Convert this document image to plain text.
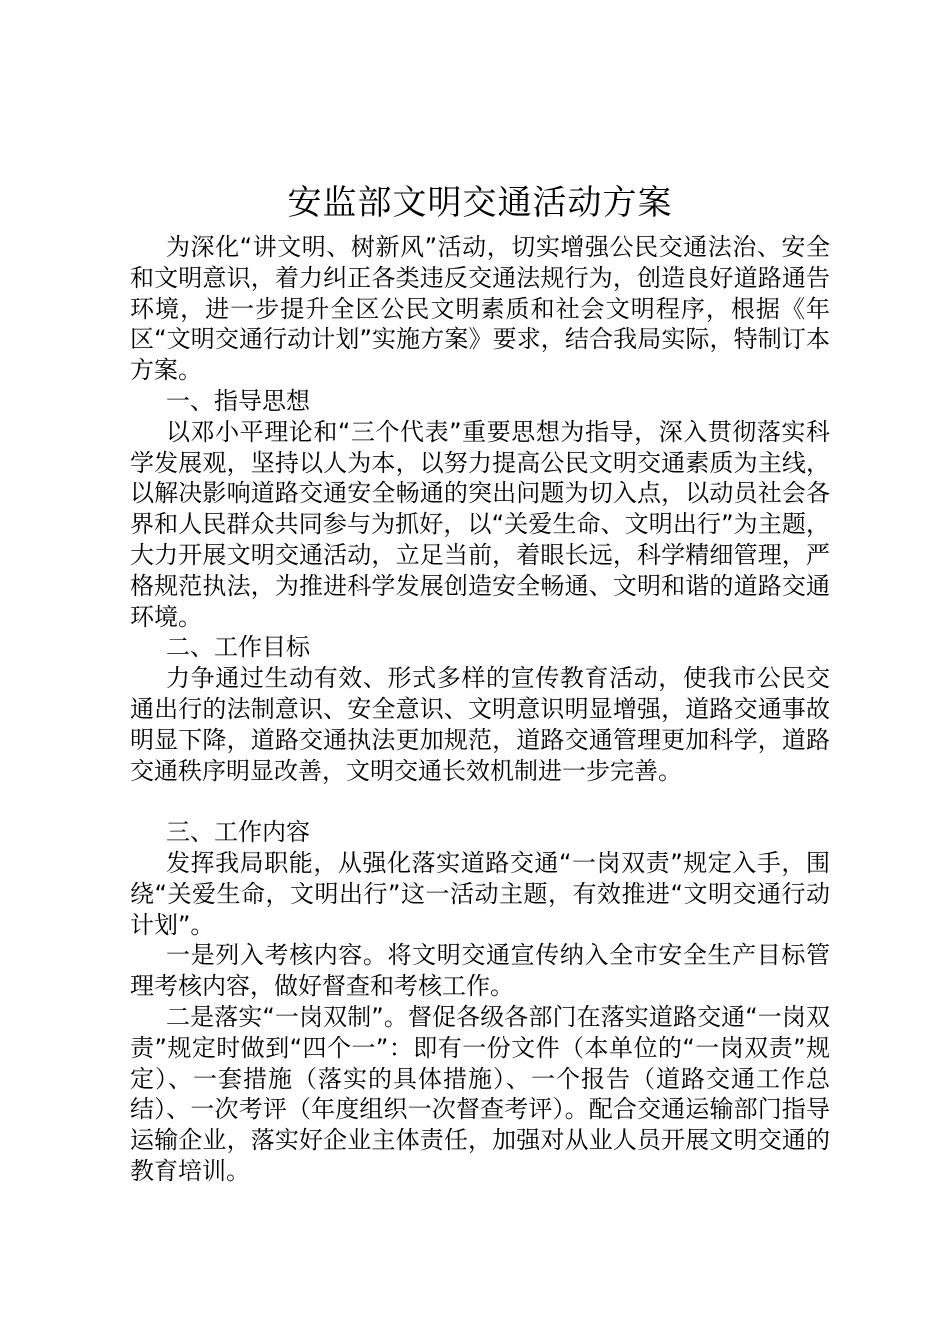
安监部文明交通活动方案

为深化“讲文明、树新风”活动，切实增强公民交通法治、安全和文明意识，着力纠正各类违反交通法规行为，创造良好道路通告环境，进一步提升全区公民文明素质和社会文明程序，根据《年区“文明交通行动计划”实施方案》要求，结合我局实际，特制订本方案。

一、指导思想

以邓小平理论和“三个代表”重要思想为指导，深入贯彻落实科学发展观，坚持以人为本，以努力提高公民文明交通素质为主线，以解决影响道路交通安全畅通的突出问题为切入点，以动员社会各界和人民群众共同参与为抓好，以“关爱生命、文明出行”为主题，大力开展文明交通活动，立足当前，着眼长远，科学精细管理，严格规范执法，为推进科学发展创造安全畅通、文明和谐的道路交通环境。

二、工作目标

力争通过生动有效、形式多样的宣传教育活动，使我市公民交通出行的法制意识、安全意识、文明意识明显增强，道路交通事故明显下降，道路交通执法更加规范，道路交通管理更加科学，道路交通秩序明显改善，文明交通长效机制进一步完善。

三、工作内容

发挥我局职能，从强化落实道路交通“一岗双责”规定入手，围绕“关爱生命，文明出行”这一活动主题，有效推进“文明交通行动计划”。

一是列入考核内容。将文明交通宣传纳入全市安全生产目标管理考核内容，做好督查和考核工作。

二是落实“一岗双制”。督促各级各部门在落实道路交通“一岗双责”规定时做到“四个一”：即有一份文件（本单位的“一岗双责”规定）、一套措施（落实的具体措施）、一个报告（道路交通工作总结）、一次考评（年度组织一次督查考评）。配合交通运输部门指导运输企业，落实好企业主体责任，加强对从业人员开展文明交通的教育培训。
